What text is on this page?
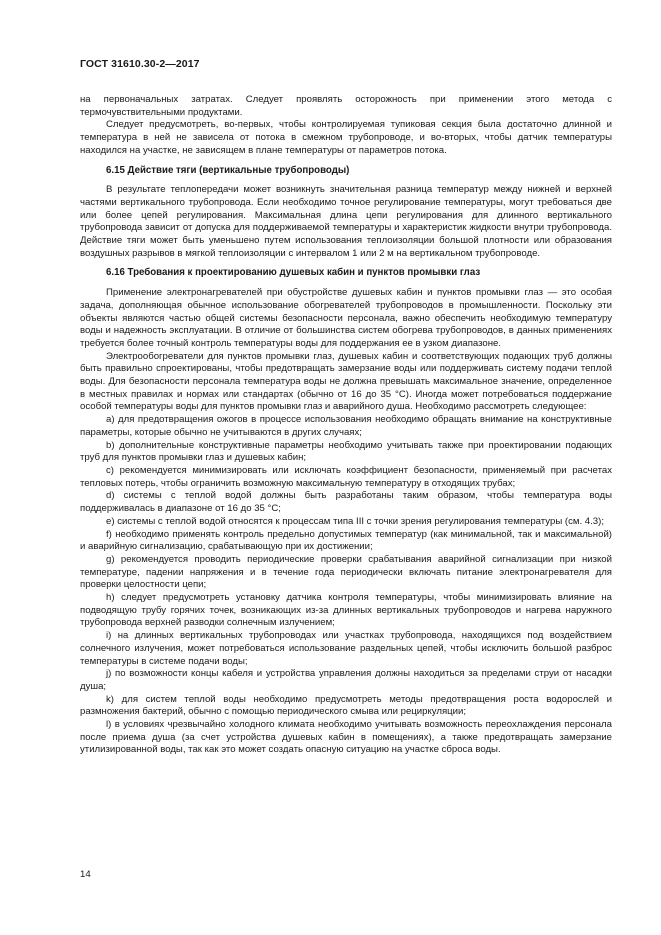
ГОСТ 31610.30-2—2017

на первоначальных затратах. Следует проявлять осторожность при применении этого метода с термочувствительными продуктами.

Следует предусмотреть, во-первых, чтобы контролируемая тупиковая секция была достаточно длинной и температура в ней не зависела от потока в смежном трубопроводе, и во-вторых, чтобы датчик температуры находился на участке, не зависящем в плане температуры от параметров потока.

6.15 Действие тяги (вертикальные трубопроводы)

В результате теплопередачи может возникнуть значительная разница температур между нижней и верхней частями вертикального трубопровода. Если необходимо точное регулирование температуры, могут требоваться две или более цепей регулирования. Максимальная длина цепи регулирования для длинного вертикального трубопровода зависит от допуска для поддерживаемой температуры и характеристик жидкости внутри трубопровода. Действие тяги может быть уменьшено путем использования теплоизоляции большой плотности или образования воздушных разрывов в мягкой теплоизоляции с интервалом 1 или 2 м на вертикальном трубопроводе.

6.16 Требования к проектированию душевых кабин и пунктов промывки глаз

Применение электронагревателей при обустройстве душевых кабин и пунктов промывки глаз — это особая задача, дополняющая обычное использование обогревателей трубопроводов в промышленности. Поскольку эти объекты являются частью общей системы безопасности персонала, важно обеспечить необходимую температуру воды и надежность эксплуатации. В отличие от большинства систем обогрева трубопроводов, в данных применениях требуется более точный контроль температуры воды для поддержания ее в узком диапазоне.

Электрообогреватели для пунктов промывки глаз, душевых кабин и соответствующих подающих труб должны быть правильно спроектированы, чтобы предотвращать замерзание воды или поддерживать систему подачи теплой воды. Для безопасности персонала температура воды не должна превышать максимальное значение, определенное в местных правилах и нормах или стандартах (обычно от 16 до 35 °С). Иногда может потребоваться поддержание особой температуры воды для пунктов промывки глаз и аварийного душа. Необходимо рассмотреть следующее:

а) для предотвращения ожогов в процессе использования необходимо обращать внимание на конструктивные параметры, которые обычно не учитываются в других случаях;

b) дополнительные конструктивные параметры необходимо учитывать также при проектировании подающих труб для пунктов промывки глаз и душевых кабин;

с) рекомендуется минимизировать или исключать коэффициент безопасности, применяемый при расчетах тепловых потерь, чтобы ограничить возможную максимальную температуру в отходящих трубах;

d) системы с теплой водой должны быть разработаны таким образом, чтобы температура воды поддерживалась в диапазоне от 16 до 35 °С;

е) системы с теплой водой относятся к процессам типа III с точки зрения регулирования температуры (см. 4.3);

f) необходимо применять контроль предельно допустимых температур (как минимальной, так и максимальной) и аварийную сигнализацию, срабатывающую при их достижении;

g) рекомендуется проводить периодические проверки срабатывания аварийной сигнализации при низкой температуре, падении напряжения и в течение года периодически включать питание электронагревателя для проверки целостности цепи;

h) следует предусмотреть установку датчика контроля температуры, чтобы минимизировать влияние на подводящую трубу горячих точек, возникающих из-за длинных вертикальных трубопроводов и нагрева наружного трубопровода верхней разводки солнечным излучением;

i) на длинных вертикальных трубопроводах или участках трубопровода, находящихся под воздействием солнечного излучения, может потребоваться использование раздельных цепей, чтобы исключить большой разброс температуры в системе подачи воды;

j) по возможности концы кабеля и устройства управления должны находиться за пределами струи от насадки душа;

k) для систем теплой воды необходимо предусмотреть методы предотвращения роста водорослей и размножения бактерий, обычно с помощью периодического смыва или рециркуляции;

l) в условиях чрезвычайно холодного климата необходимо учитывать возможность переохлаждения персонала после приема душа (за счет устройства душевых кабин в помещениях), а также предотвращать замерзание утилизированной воды, так как это может создать опасную ситуацию на участке сброса воды.

14
